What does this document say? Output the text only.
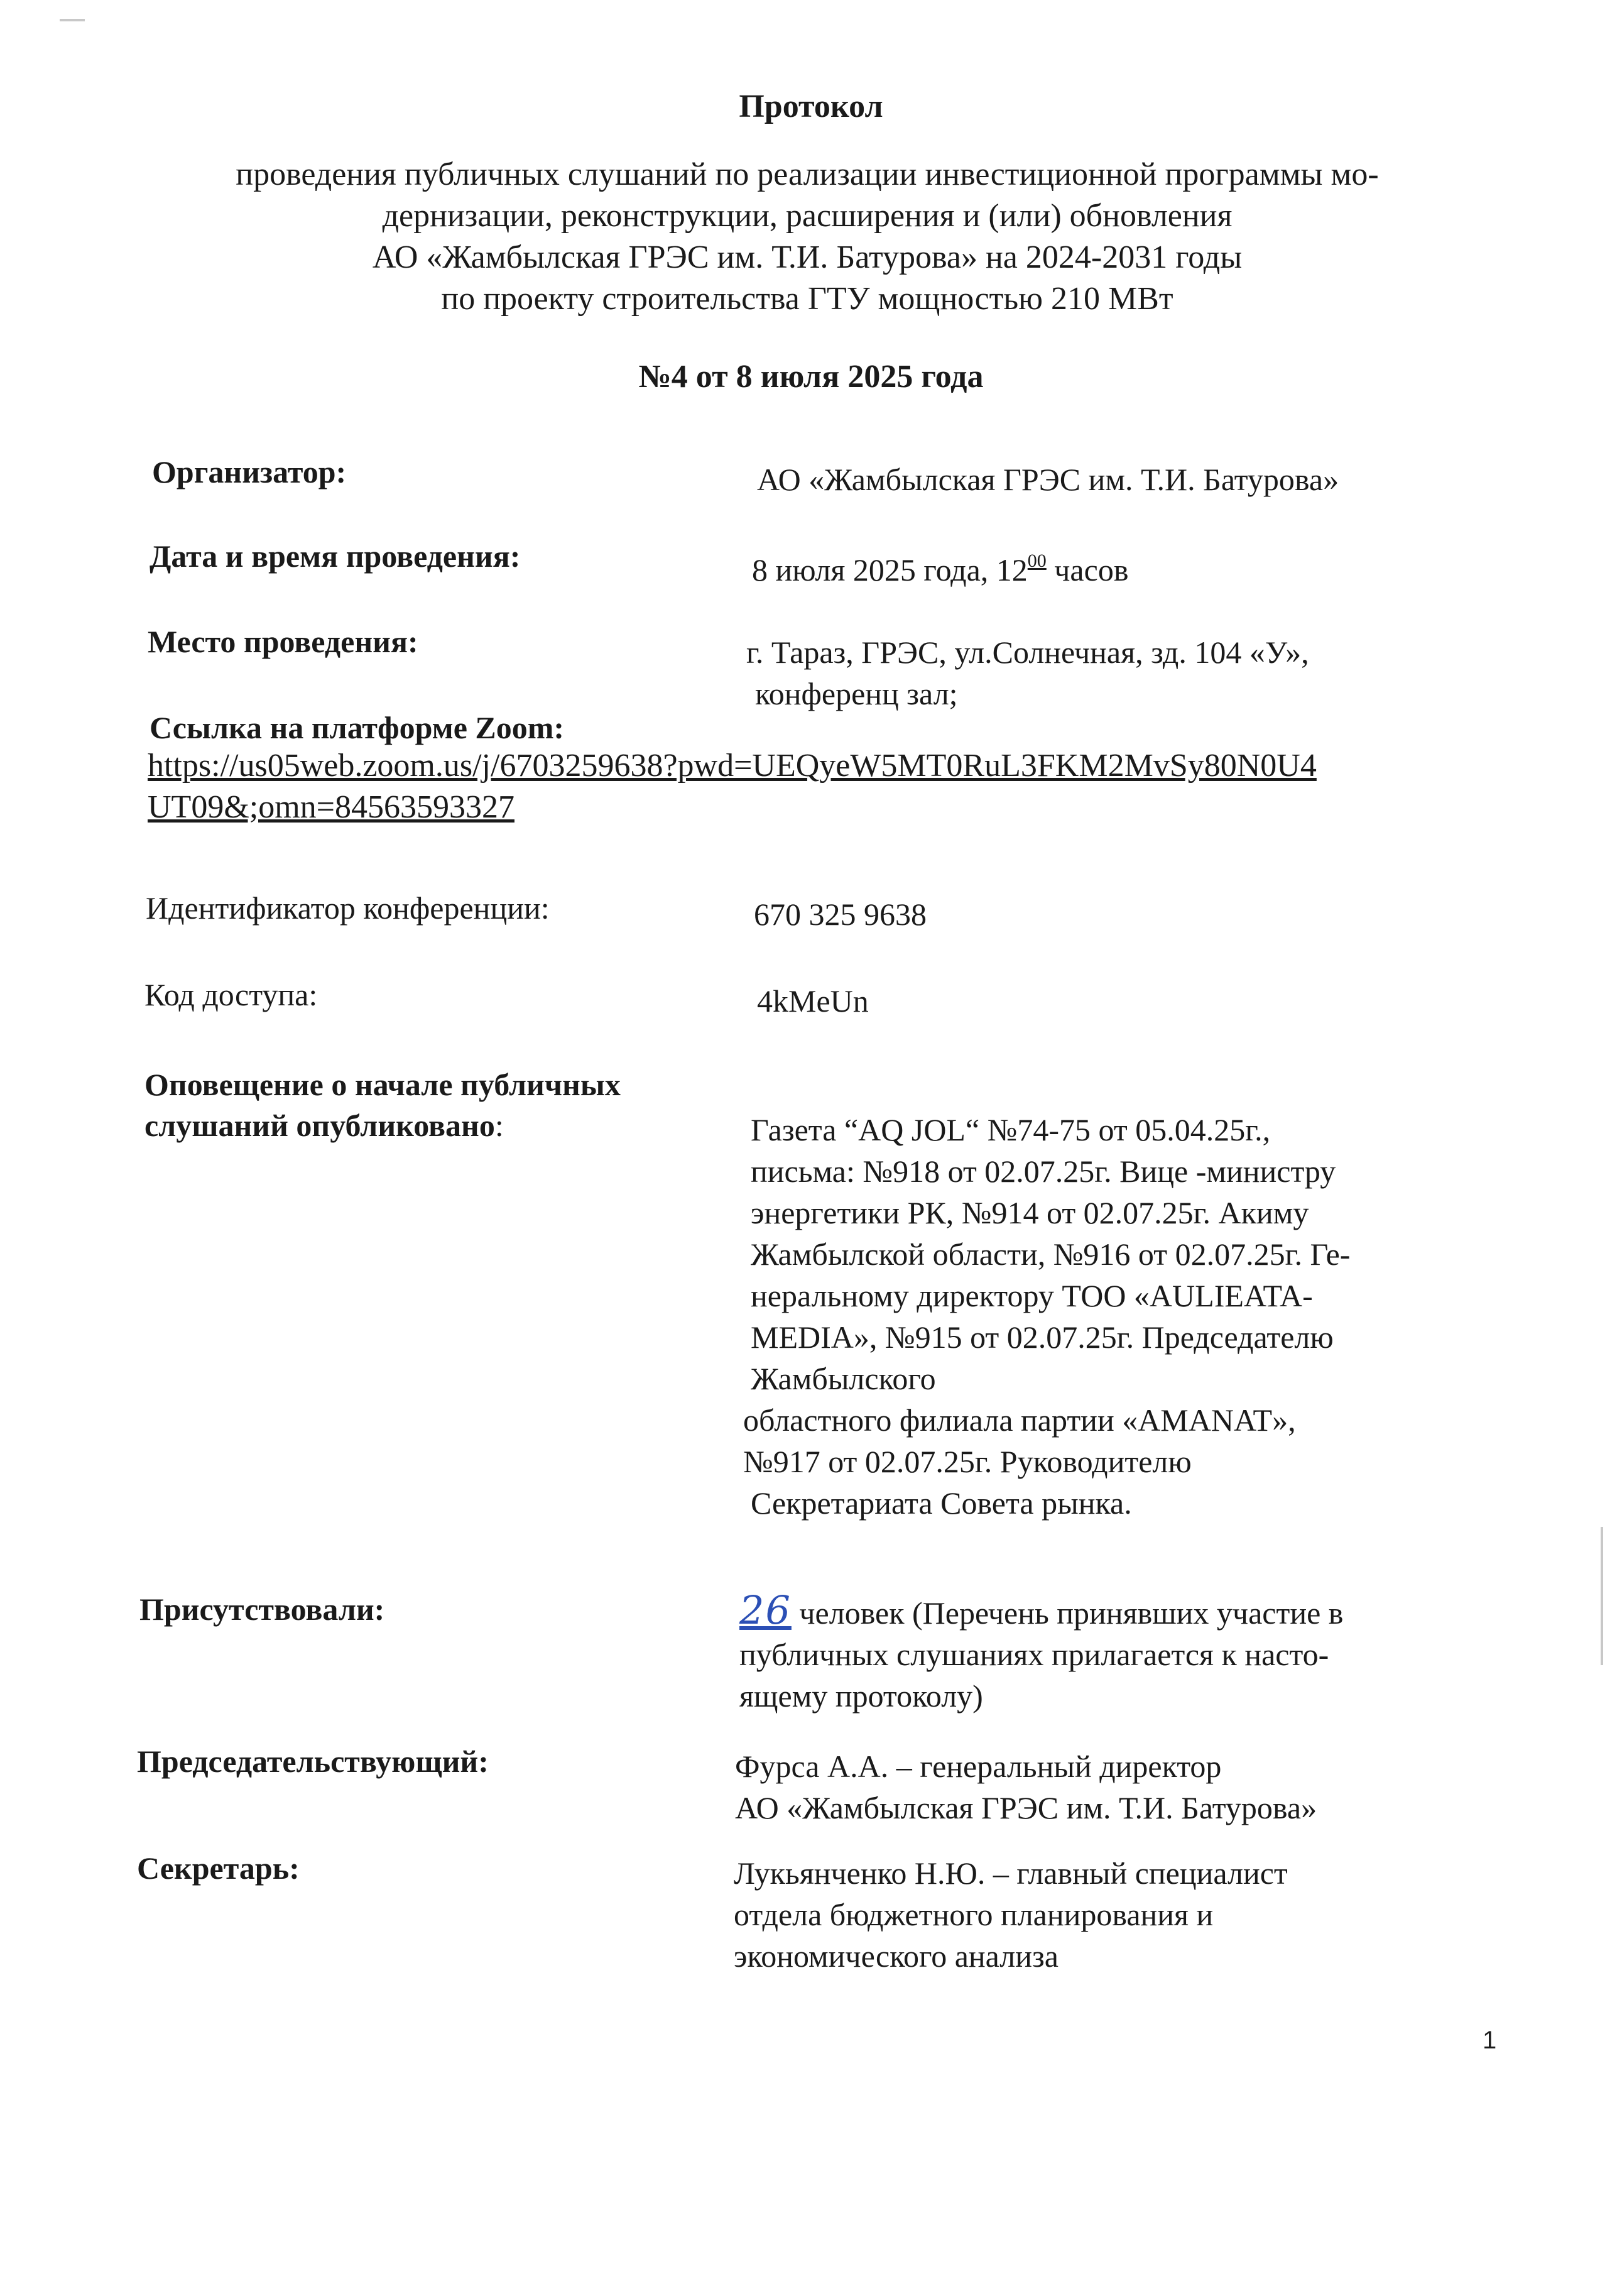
Протокол
проведения публичных слушаний по реализации инвестиционной программы мо-
дернизации, реконструкции, расширения и (или) обновления
АО «Жамбылская ГРЭС им. Т.И. Батурова» на 2024-2031 годы
по проекту строительства ГТУ мощностью 210 МВт
№4 от 8 июля 2025 года
Организатор:	АО «Жамбылская ГРЭС им. Т.И. Батурова»
Дата и время проведения:	8 июля 2025 года, $12^{00}$ часов
Место проведения:	г. Тараз, ГРЭС, ул.Солнечная, зд. 104 «У»,
конференц зал;
Ссылка на платформе Zoom:
https://us05web.zoom.us/j/6703259638?pwd=UEQyeW5MT0RuL3FKM2MvSy80N0U4
UT09&;omn=84563593327
Идентификатор конференции:	670 325 9638
Код доступа:	4kMeUn
Оповещение о начале публичных
слушаний опубликовано:	Газета “AQ JOL“ №74-75 от 05.04.25г.,
письма: №918 от 02.07.25г. Вице -министру
энергетики РК, №914 от 02.07.25г. Акиму
Жамбылской области, №916 от 02.07.25г. Ге-
неральному директору ТОО «AULIEATA-
MEDIA», №915 от 02.07.25г. Председателю
Жамбылского
областного филиала партии «AMANAT»,
№917 от 02.07.25г. Руководителю
Секретариата Совета рынка.
Присутствовали:	26 человек (Перечень принявших участие в
публичных слушаниях прилагается к насто-
ящему протоколу)
Председательствующий:	Фурса А.А. – генеральный директор
АО «Жамбылская ГРЭС им. Т.И. Батурова»
Секретарь:	Лукьянченко Н.Ю. – главный специалист
отдела бюджетного планирования и
экономического анализа
1
